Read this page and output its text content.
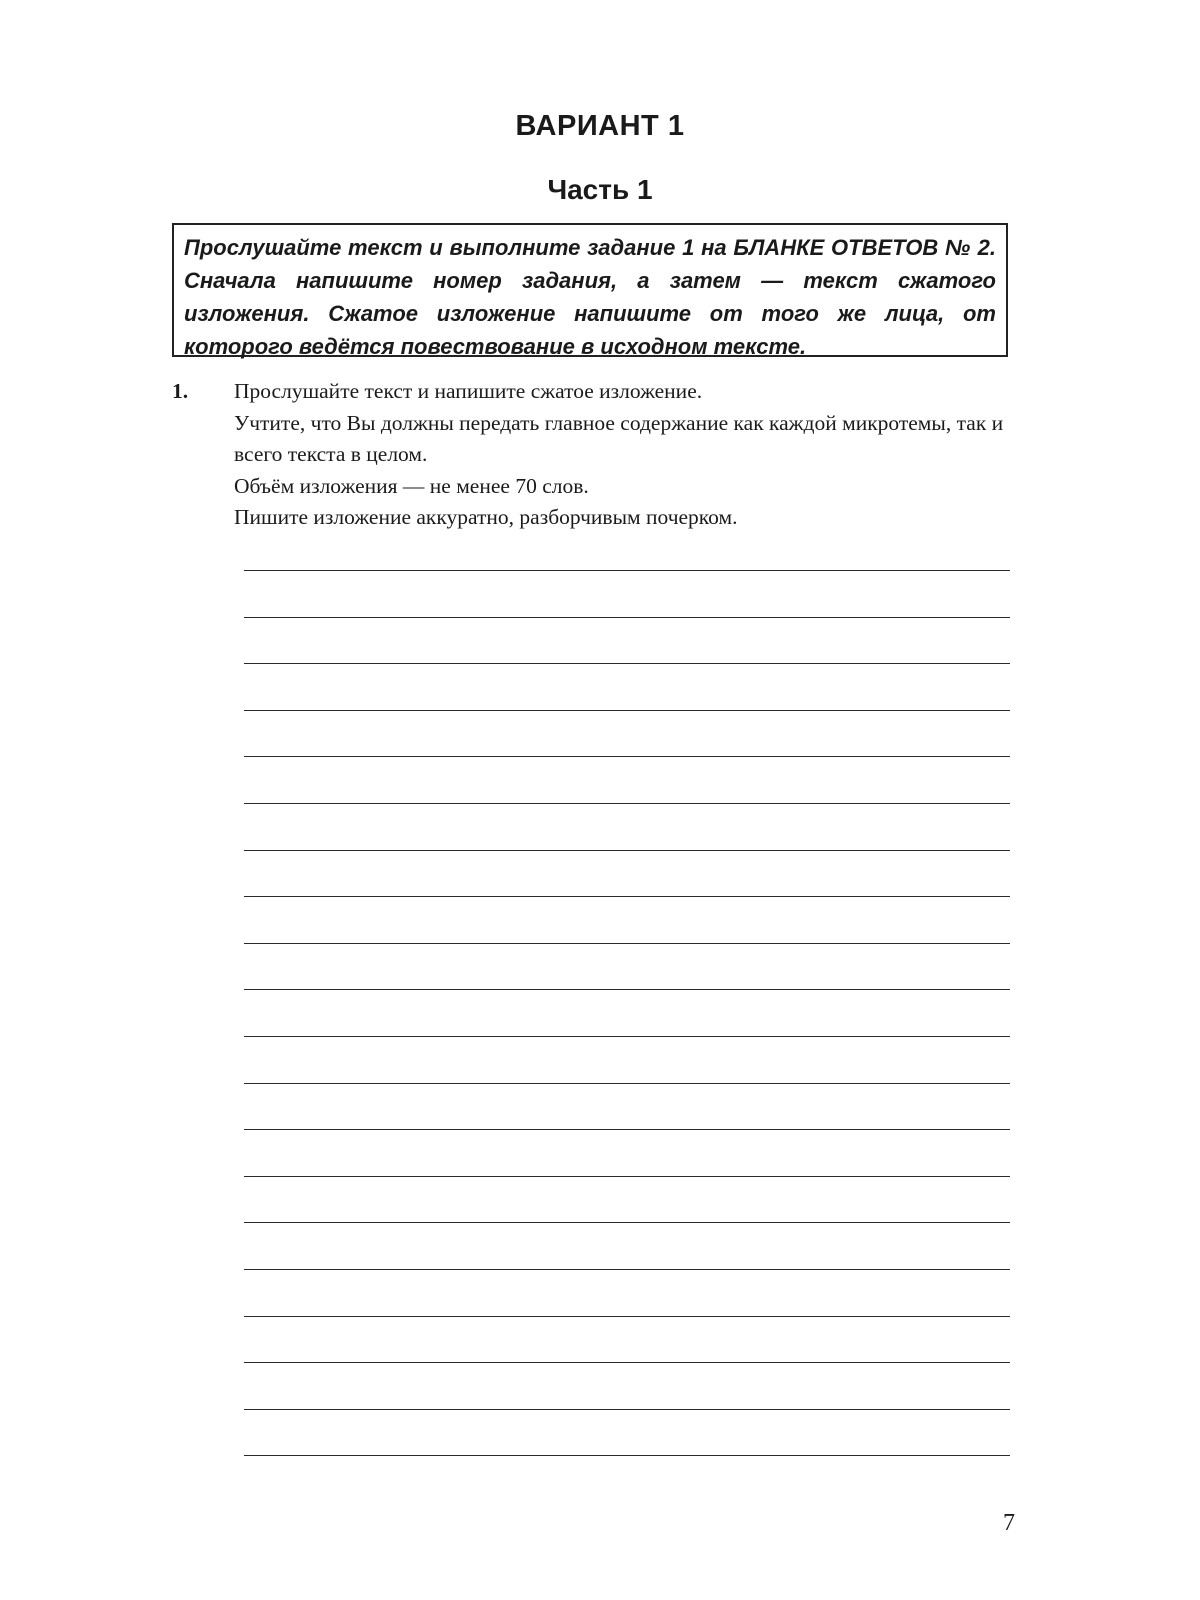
ВАРИАНТ 1
Часть 1
Прослушайте текст и выполните задание 1 на БЛАНКЕ ОТВЕТОВ № 2. Сначала напишите номер задания, а затем — текст сжатого изложения. Сжатое изложение напишите от того же лица, от которого ведётся повествование в исходном тексте.
1. Прослушайте текст и напишите сжатое изложение.
Учтите, что Вы должны передать главное содержание как каждой микротемы, так и всего текста в целом.
Объём изложения — не менее 70 слов.
Пишите изложение аккуратно, разборчивым почерком.
7
